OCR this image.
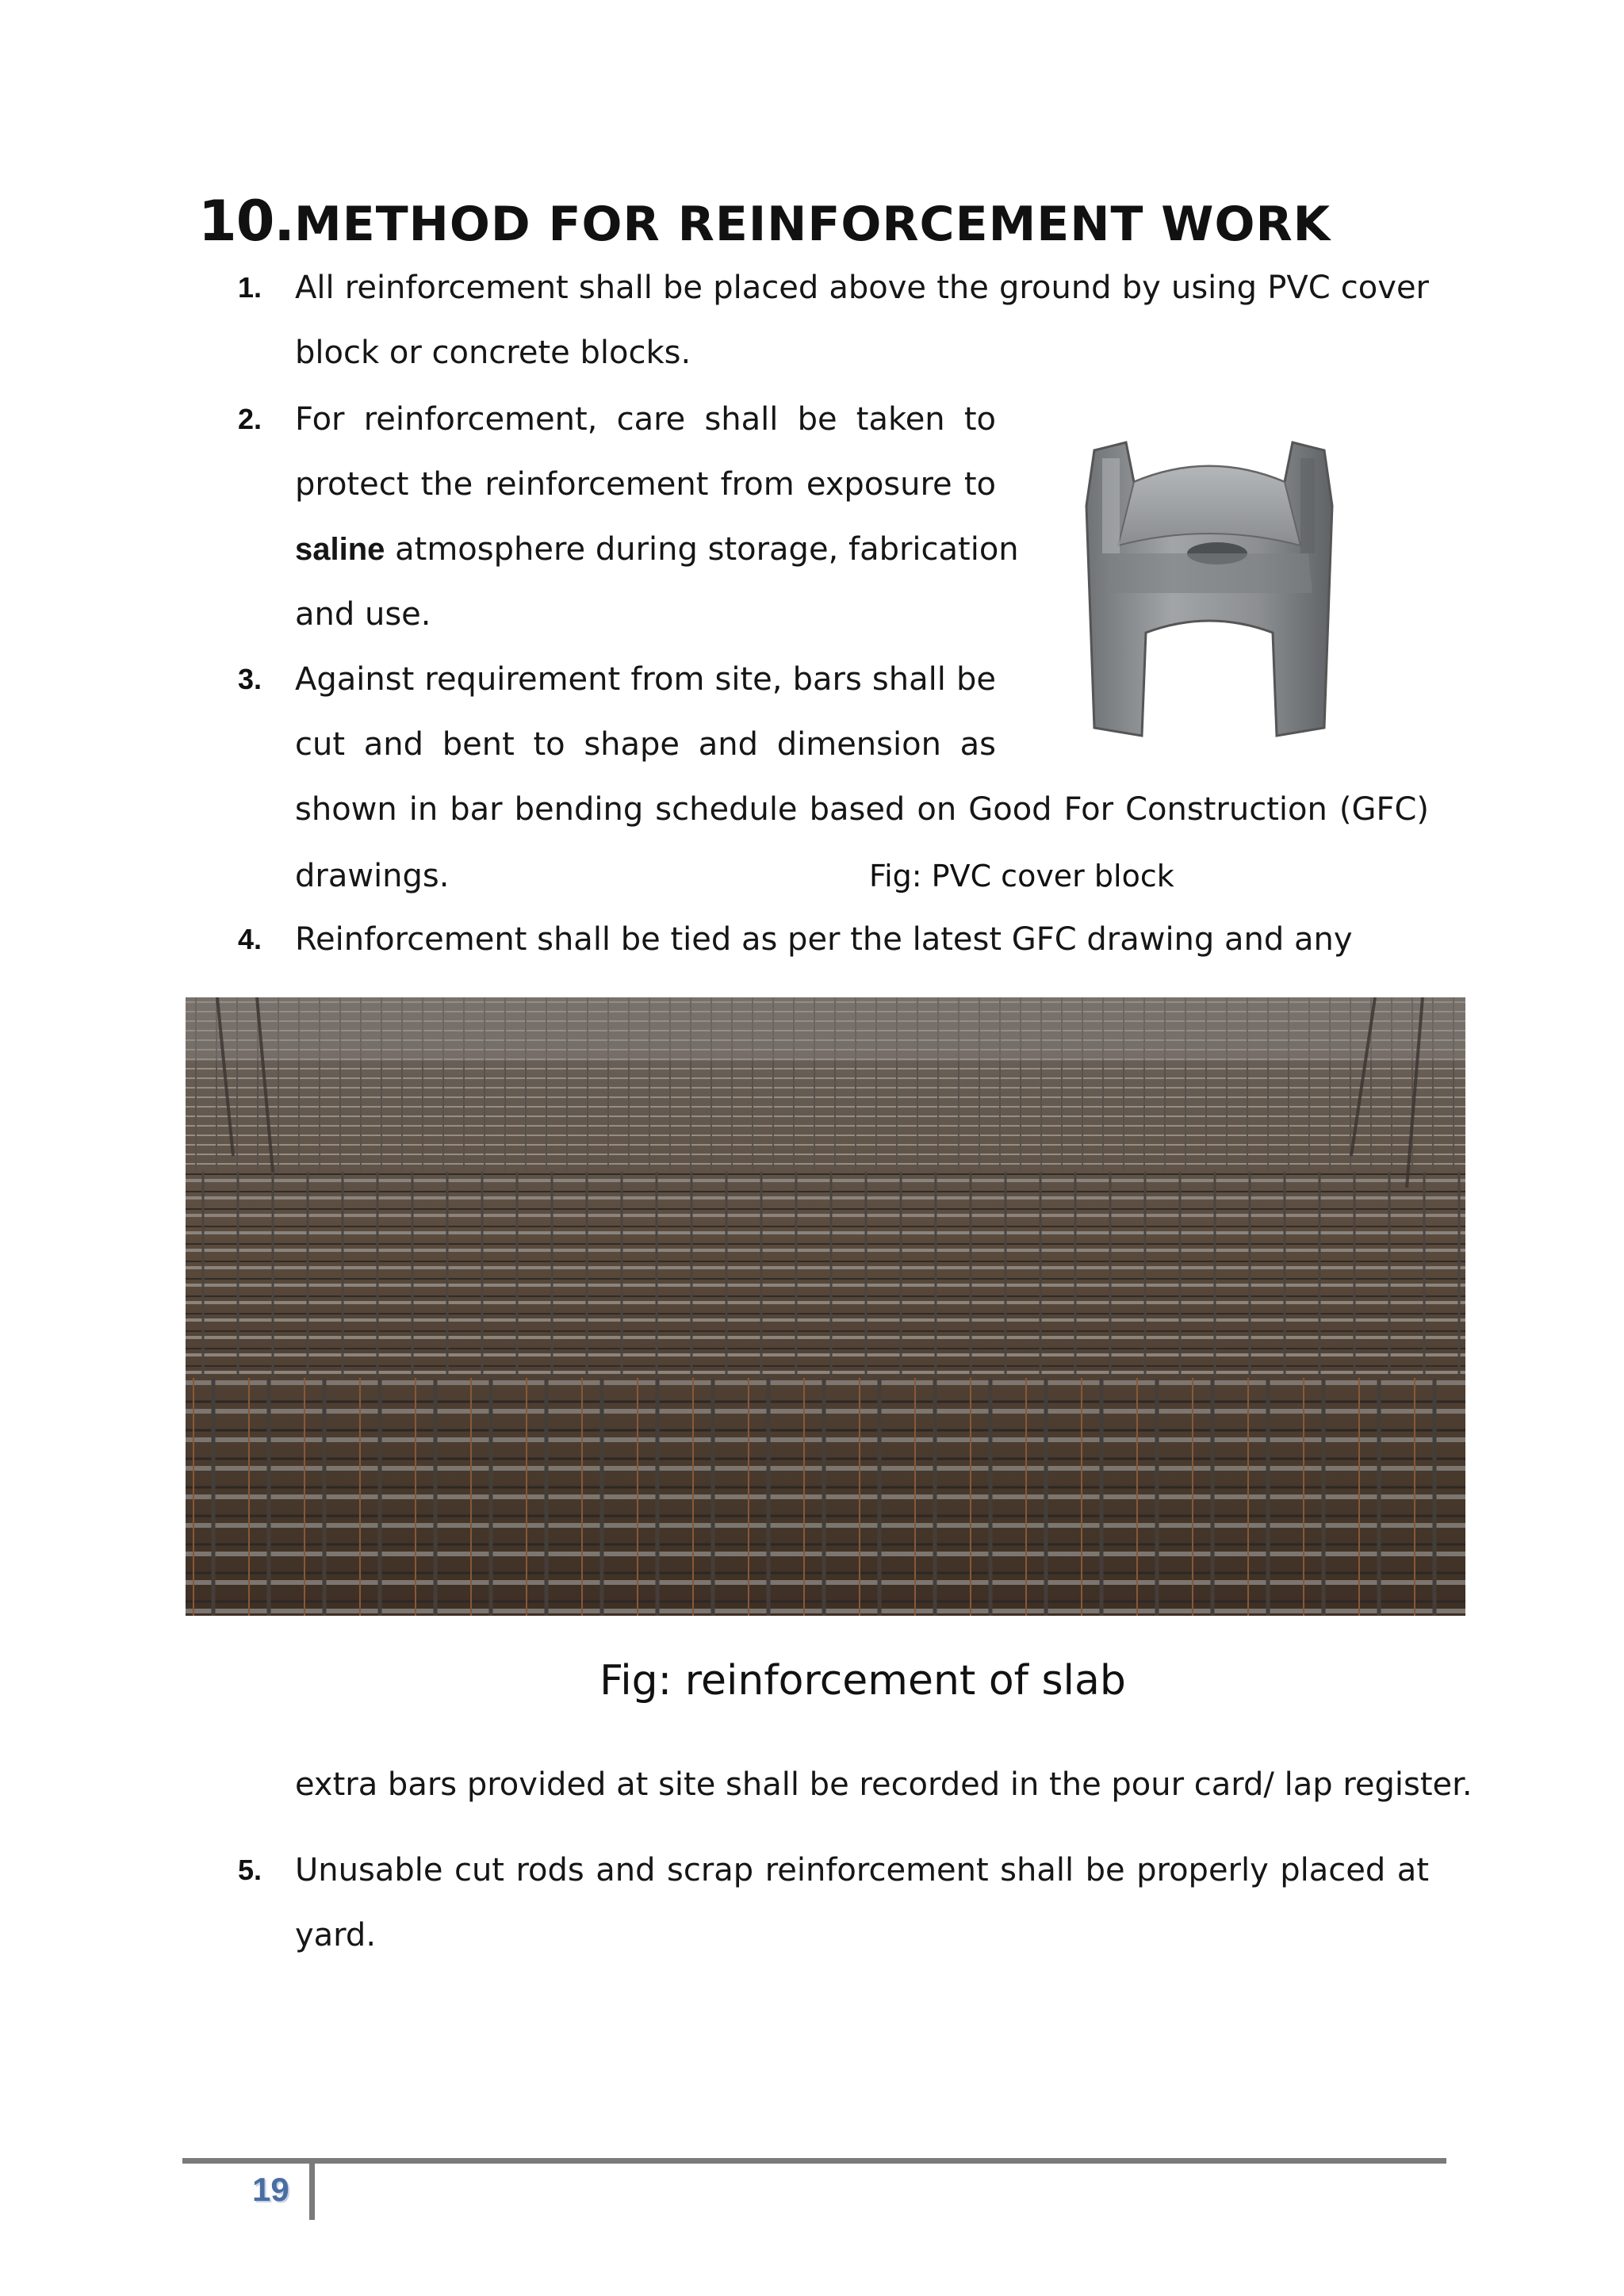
10.METHOD FOR REINFORCEMENT WORK
1.	All reinforcement shall be placed above the ground by using PVC cover
block or concrete blocks.
2.	For reinforcement, care shall be taken to
protect the reinforcement from exposure to
saline atmosphere during storage, fabrication
and use.
3.	Against requirement from site, bars shall be
cut and bent to shape and dimension as
shown in bar bending schedule based on Good For Construction (GFC)
drawings.	Fig: PVC cover block
Fig: reinforcement of slab
4.	Reinforcement shall be tied as per the latest GFC drawing and any
extra bars provided at site shall be recorded in the pour card/ lap register.
5.	Unusable cut rods and scrap reinforcement shall be properly placed at
yard.
19
